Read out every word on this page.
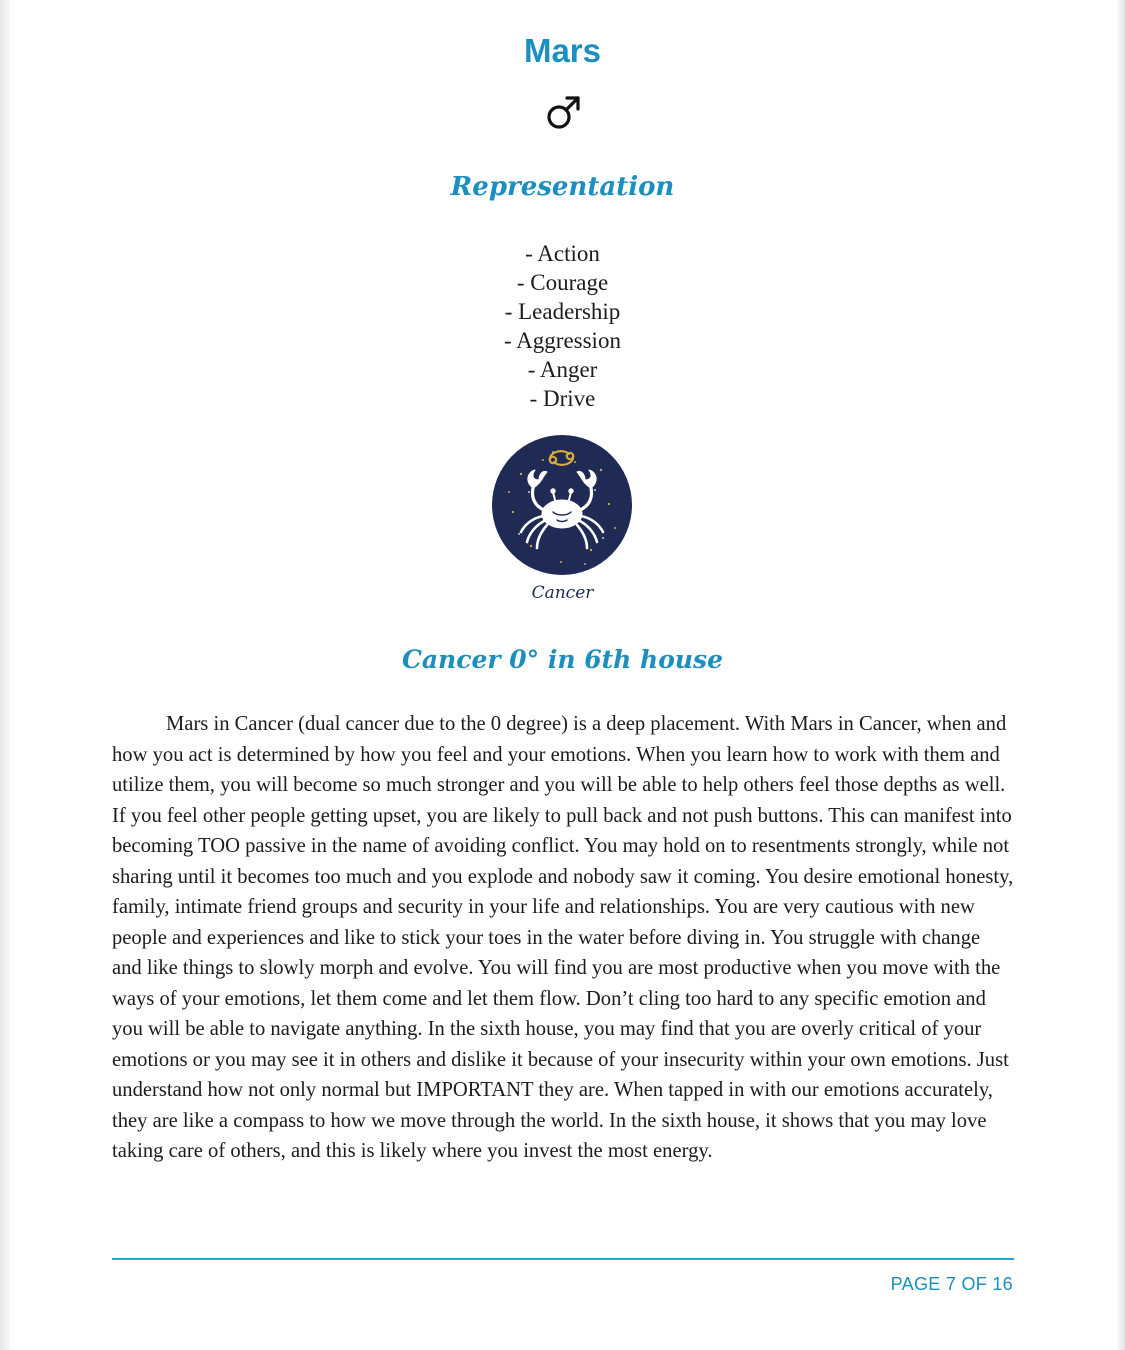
Mars
Representation
- Action
- Courage
- Leadership
- Aggression
- Anger
- Drive
Cancer
Cancer 0° in 6th house

Mars in Cancer (dual cancer due to the 0 degree) is a deep placement. With Mars in Cancer, when and how you act is determined by how you feel and your emotions. When you learn how to work with them and utilize them, you will become so much stronger and you will be able to help others feel those depths as well. If you feel other people getting upset, you are likely to pull back and not push buttons. This can manifest into becoming TOO passive in the name of avoiding conflict. You may hold on to resentments strongly, while not sharing until it becomes too much and you explode and nobody saw it coming. You desire emotional honesty, family, intimate friend groups and security in your life and relationships. You are very cautious with new people and experiences and like to stick your toes in the water before diving in. You struggle with change and like things to slowly morph and evolve. You will find you are most productive when you move with the ways of your emotions, let them come and let them flow. Don’t cling too hard to any specific emotion and you will be able to navigate anything. In the sixth house, you may find that you are overly critical of your emotions or you may see it in others and dislike it because of your insecurity within your own emotions. Just understand how not only normal but IMPORTANT they are. When tapped in with our emotions accurately, they are like a compass to how we move through the world. In the sixth house, it shows that you may love taking care of others, and this is likely where you invest the most energy.

PAGE 7 OF 16
